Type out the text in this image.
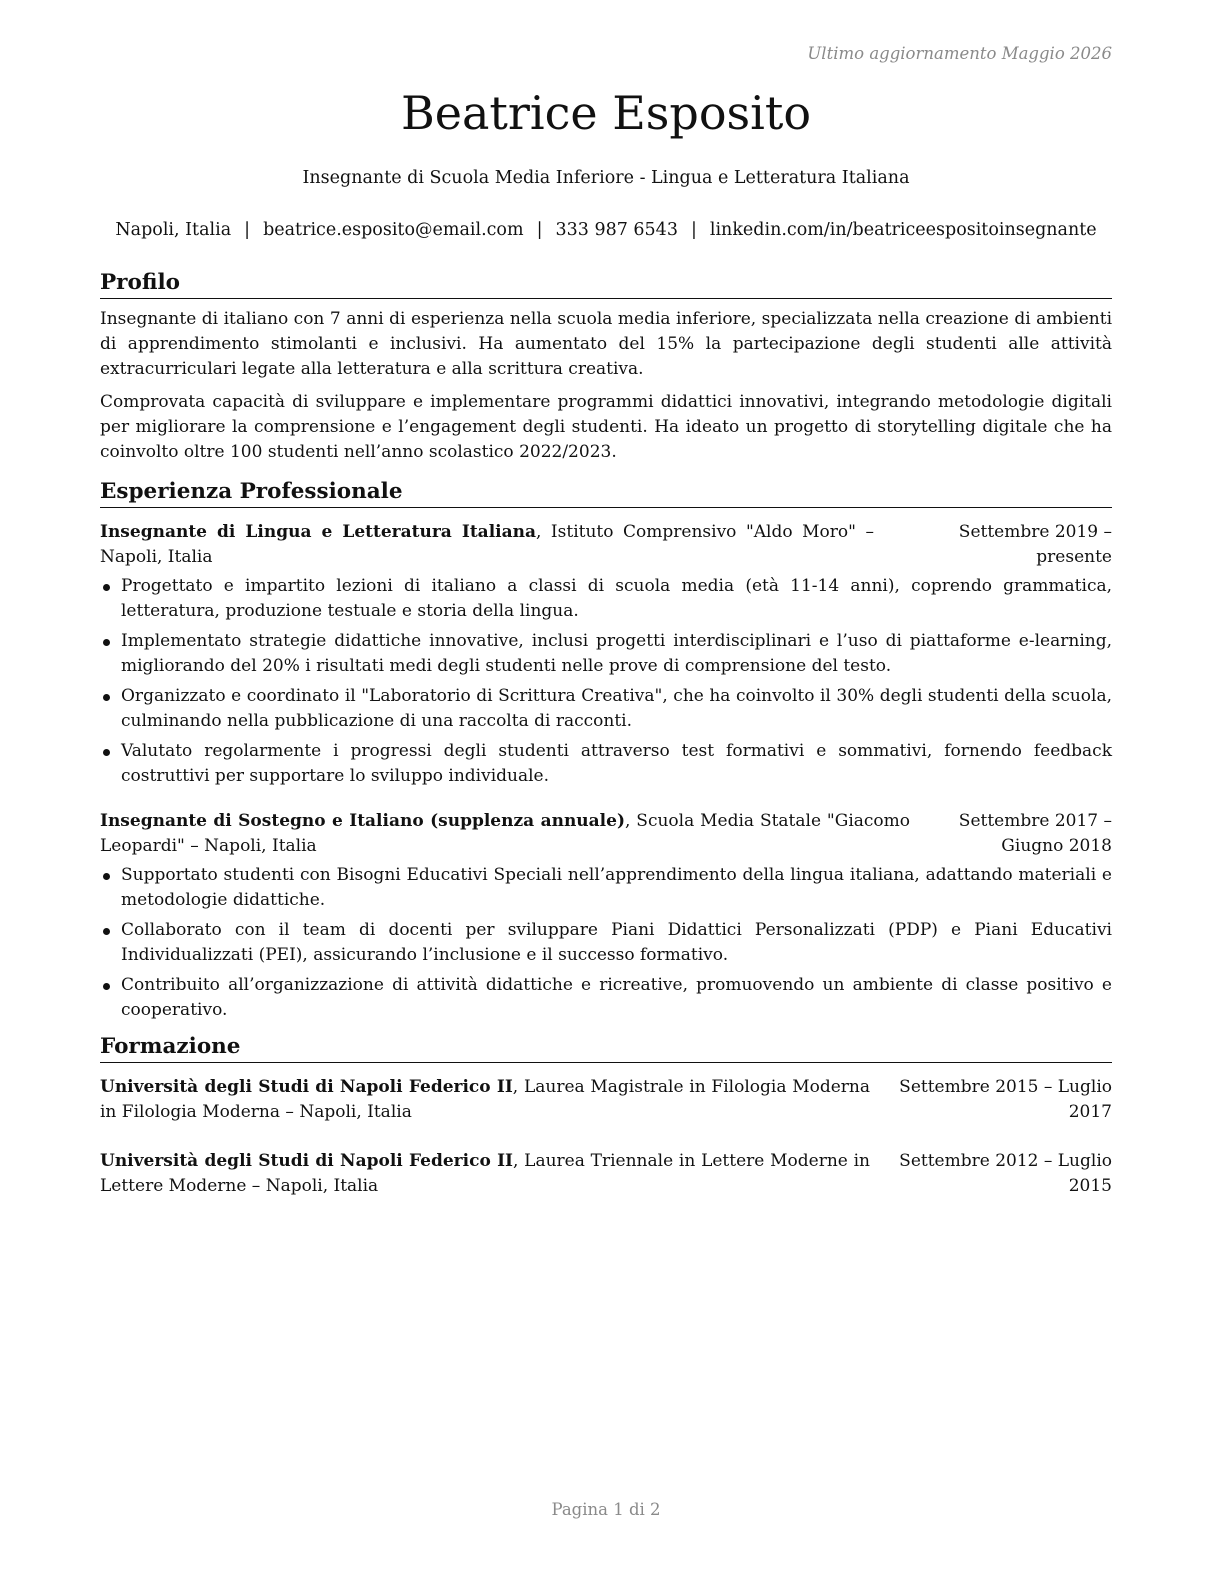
Ultimo aggiornamento Maggio 2026
Beatrice Esposito
Insegnante di Scuola Media Inferiore - Lingua e Letteratura Italiana
Napoli, Italia | beatrice.esposito@email.com | 333 987 6543 | linkedin.com/in/beatriceespositoinsegnante
Profilo

Insegnante di italiano con 7 anni di esperienza nella scuola media inferiore, specializzata nella creazione di ambienti di apprendimento stimolanti e inclusivi. Ha aumentato del 15% la partecipazione degli studenti alle attività extracurriculari legate alla letteratura e alla scrittura creativa.

Comprovata capacità di sviluppare e implementare programmi didattici innovativi, integrando metodologie digitali per migliorare la comprensione e l’engagement degli studenti. Ha ideato un progetto di storytelling digitale che ha coinvolto oltre 100 studenti nell’anno scolastico 2022/2023.

Esperienza Professionale
Insegnante di Lingua e Letteratura Italiana, Istituto Comprensivo "Aldo Moro" – Napoli, Italia
Settembre 2019 – presente
Progettato e impartito lezioni di italiano a classi di scuola media (età 11-14 anni), coprendo grammatica, letteratura, produzione testuale e storia della lingua.
Implementato strategie didattiche innovative, inclusi progetti interdisciplinari e l’uso di piattaforme e-learning, migliorando del 20% i risultati medi degli studenti nelle prove di comprensione del testo.
Organizzato e coordinato il "Laboratorio di Scrittura Creativa", che ha coinvolto il 30% degli studenti della scuola, culminando nella pubblicazione di una raccolta di racconti.
Valutato regolarmente i progressi degli studenti attraverso test formativi e sommativi, fornendo feedback costruttivi per supportare lo sviluppo individuale.
Insegnante di Sostegno e Italiano (supplenza annuale), Scuola Media Statale "Giacomo Leopardi" – Napoli, Italia
Settembre 2017 – Giugno 2018
Supportato studenti con Bisogni Educativi Speciali nell’apprendimento della lingua italiana, adattando materiali e metodologie didattiche.
Collaborato con il team di docenti per sviluppare Piani Didattici Personalizzati (PDP) e Piani Educativi Individualizzati (PEI), assicurando l’inclusione e il successo formativo.
Contribuito all’organizzazione di attività didattiche e ricreative, promuovendo un ambiente di classe positivo e cooperativo.
Formazione
Università degli Studi di Napoli Federico II, Laurea Magistrale in Filologia Moderna in Filologia Moderna – Napoli, Italia
Settembre 2015 – Luglio 2017
Università degli Studi di Napoli Federico II, Laurea Triennale in Lettere Moderne in Lettere Moderne – Napoli, Italia
Settembre 2012 – Luglio 2015
Pagina 1 di 2
